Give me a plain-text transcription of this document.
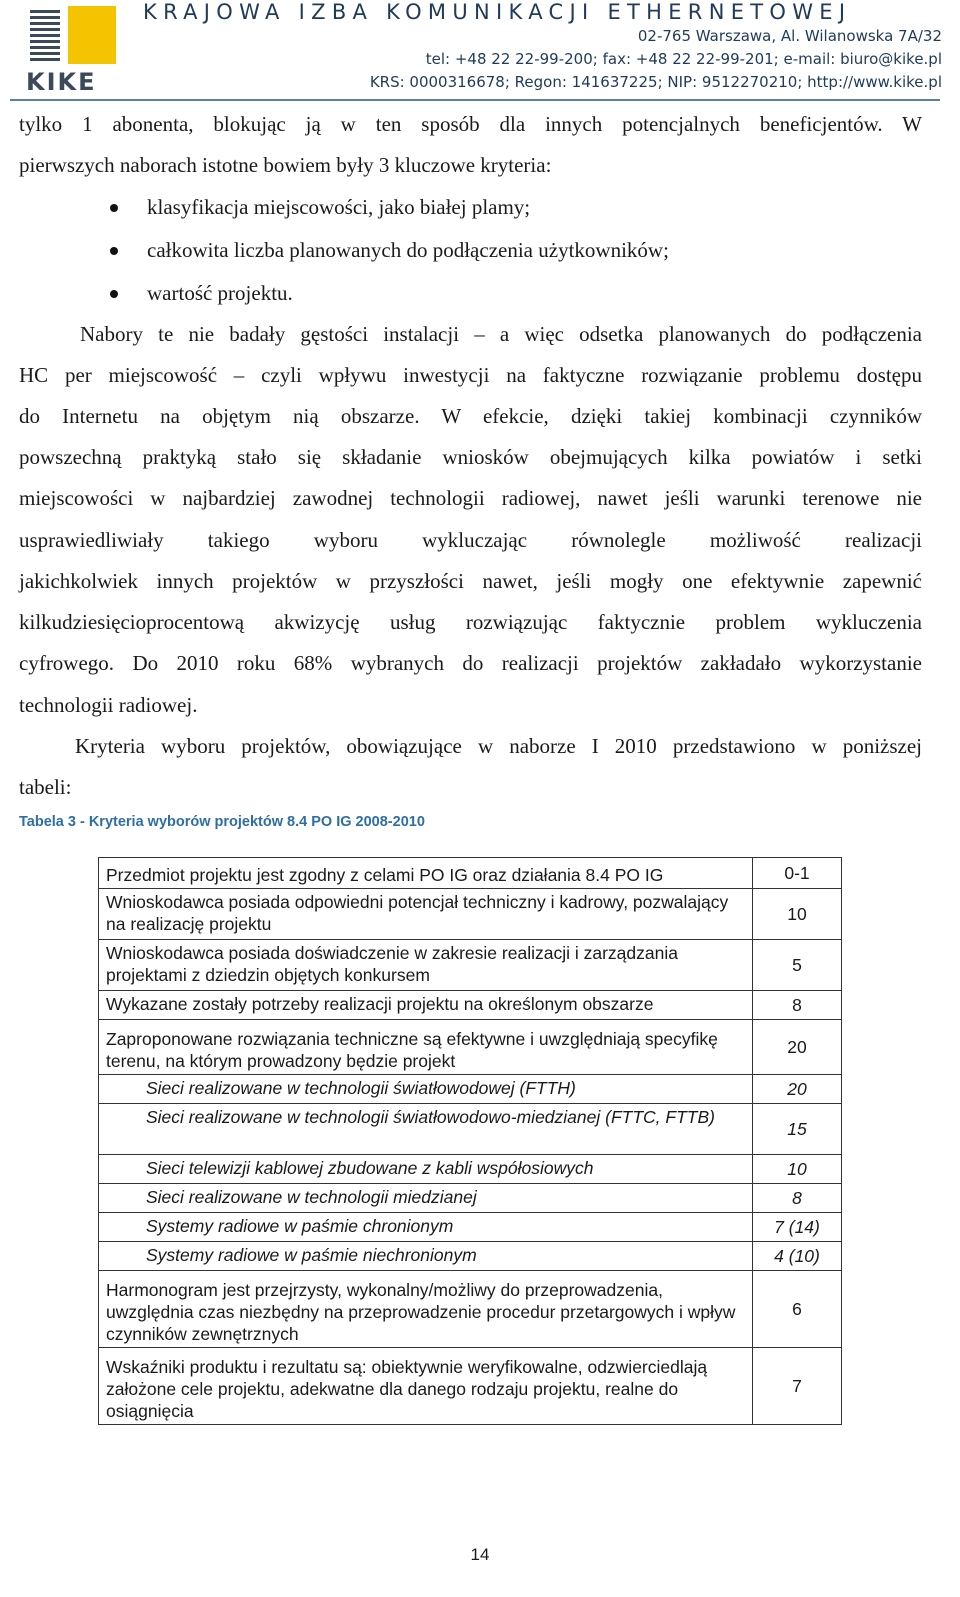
KIKE
KRAJOWA IZBA KOMUNIKACJI ETHERNETOWEJ
02-765 Warszawa, Al. Wilanowska 7A/32
tel: +48 22 22-99-200; fax: +48 22 22-99-201; e-mail: biuro@kike.pl
KRS: 0000316678; Regon: 141637225; NIP: 9512270210; http://www.kike.pl
tylko 1 abonenta, blokując ją w ten sposób dla innych potencjalnych beneficjentów. W
pierwszych naborach istotne bowiem były 3 kluczowe kryteria:
klasyfikacja miejscowości, jako białej plamy;
całkowita liczba planowanych do podłączenia użytkowników;
wartość projektu.
Nabory te nie badały gęstości instalacji – a więc odsetka planowanych do podłączenia
HC per miejscowość – czyli wpływu inwestycji na faktyczne rozwiązanie problemu dostępu
do Internetu na objętym nią obszarze. W efekcie, dzięki takiej kombinacji czynników
powszechną praktyką stało się składanie wniosków obejmujących kilka powiatów i setki
miejscowości w najbardziej zawodnej technologii radiowej, nawet jeśli warunki terenowe nie
usprawiedliwiały takiego wyboru wykluczając równolegle możliwość realizacji
jakichkolwiek innych projektów w przyszłości nawet, jeśli mogły one efektywnie zapewnić
kilkudziesięcioprocentową akwizycję usług rozwiązując faktycznie problem wykluczenia
cyfrowego. Do 2010 roku 68% wybranych do realizacji projektów zakładało wykorzystanie
technologii radiowej.
Kryteria wyboru projektów, obowiązujące w naborze I 2010 przedstawiono w poniższej
tabeli:
Tabela 3 - Kryteria wyborów projektów 8.4 PO IG 2008-2010
Przedmiot projektu jest zgodny z celami PO IG oraz działania 8.4 PO IG	0-1
Wnioskodawca posiada odpowiedni potencjał techniczny i kadrowy, pozwalający na realizację projektu	10
Wnioskodawca posiada doświadczenie w zakresie realizacji i zarządzania projektami z dziedzin objętych konkursem	5
Wykazane zostały potrzeby realizacji projektu na określonym obszarze	8
Zaproponowane rozwiązania techniczne są efektywne i uwzględniają specyfikę terenu, na którym prowadzony będzie projekt	20
Sieci realizowane w technologii światłowodowej (FTTH)	20
Sieci realizowane w technologii światłowodowo-miedzianej (FTTC, FTTB)	15
Sieci telewizji kablowej zbudowane z kabli współosiowych	10
Sieci realizowane w technologii miedzianej	8
Systemy radiowe w paśmie chronionym	7 (14)
Systemy radiowe w paśmie niechronionym	4 (10)
Harmonogram jest przejrzysty, wykonalny/możliwy do przeprowadzenia, uwzględnia czas niezbędny na przeprowadzenie procedur przetargowych i wpływ czynników zewnętrznych	6
Wskaźniki produktu i rezultatu są: obiektywnie weryfikowalne, odzwierciedlają założone cele projektu, adekwatne dla danego rodzaju projektu, realne do osiągnięcia	7
14
